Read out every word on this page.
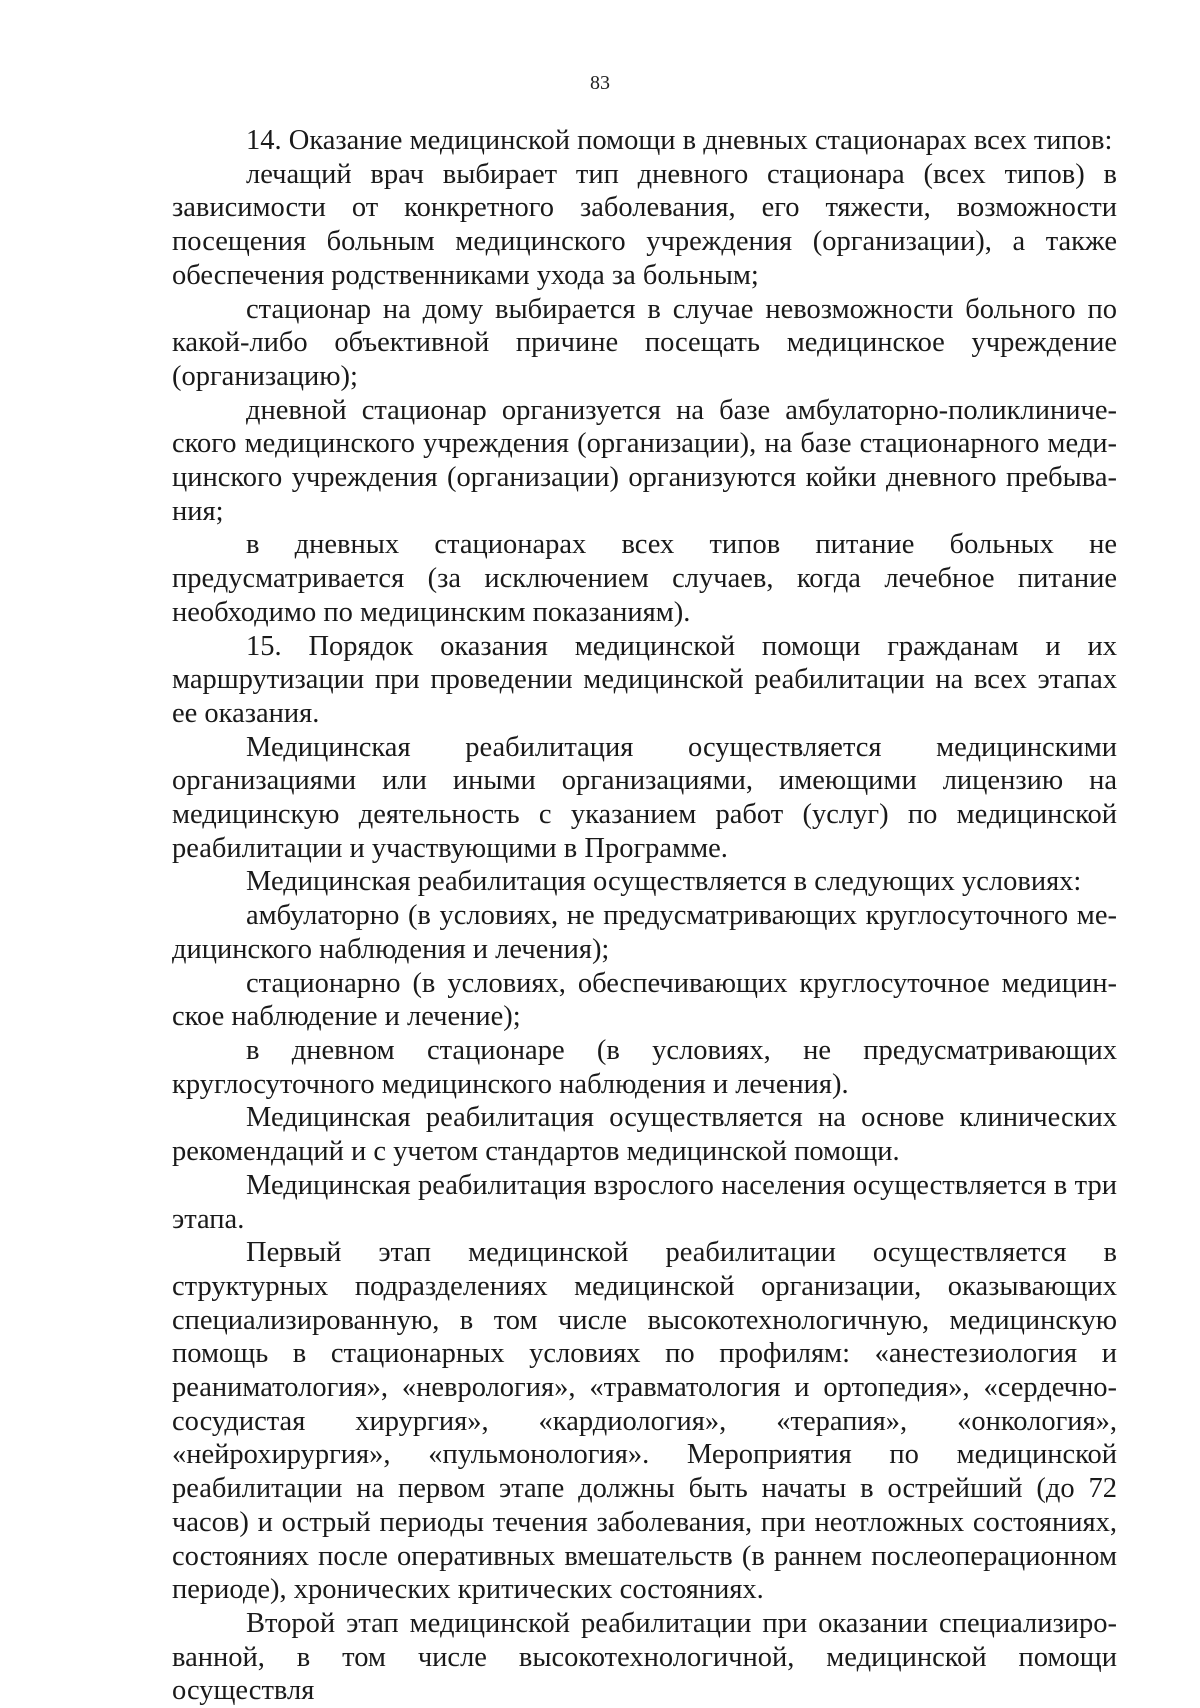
83

14. Оказание медицинской помощи в дневных стационарах всех типов:

лечащий врач выбирает тип дневного стационара (всех типов) в зависимости от конкретного заболевания, его тяжести, возможности посещения больным медицинского учреждения (организации), а также обеспечения родственниками ухода за больным;

стационар на дому выбирается в случае невозможности больного по какой-либо объективной причине посещать медицинское учреждение (организацию);

дневной стационар организуется на базе амбулаторно-поликлинического медицинского учреждения (организации), на базе стационарного медицинского учреждения (организации) организуются койки дневного пребывания;

в дневных стационарах всех типов питание больных не предусматривается (за исключением случаев, когда лечебное питание необходимо по медицинским показаниям).

15. Порядок оказания медицинской помощи гражданам и их маршрутизации при проведении медицинской реабилитации на всех этапах ее оказания.

Медицинская реабилитация осуществляется медицинскими организациями или иными организациями, имеющими лицензию на медицинскую деятельность с указанием работ (услуг) по медицинской реабилитации и участвующими в Программе.

Медицинская реабилитация осуществляется в следующих условиях:

амбулаторно (в условиях, не предусматривающих круглосуточного медицинского наблюдения и лечения);

стационарно (в условиях, обеспечивающих круглосуточное медицинское наблюдение и лечение);

в дневном стационаре (в условиях, не предусматривающих круглосуточного медицинского наблюдения и лечения).

Медицинская реабилитация осуществляется на основе клинических рекомендаций и с учетом стандартов медицинской помощи.

Медицинская реабилитация взрослого населения осуществляется в три этапа.

Первый этап медицинской реабилитации осуществляется в структурных подразделениях медицинской организации, оказывающих специализированную, в том числе высокотехнологичную, медицинскую помощь в стационарных условиях по профилям: «анестезиология и реаниматология», «неврология», «травматология и ортопедия», «сердечно-сосудистая хирургия», «кардиология», «терапия», «онкология», «нейрохирургия», «пульмонология». Мероприятия по медицинской реабилитации на первом этапе должны быть начаты в острейший (до 72 часов) и острый периоды течения заболевания, при неотложных состояниях, состояниях после оперативных вмешательств (в раннем послеоперационном периоде), хронических критических состояниях.

Второй этап медицинской реабилитации при оказании специализированной, в том числе высокотехнологичной, медицинской помощи осуществля
